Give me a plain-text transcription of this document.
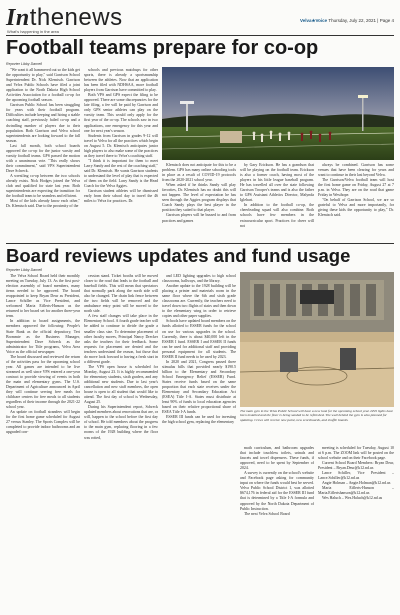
Inthenews
What's happening in the area
Velva★Voice Thursday, July 22, 2021 | Page 4
Football teams prepare for co-op
Reporter Libby Darnell

"We want it all hammered out so the kids get the opportunity to play," said Garrison School Superintendent Dr. Nick Klemisch. Garrison and Velva Public Schools have filed a joint application to the North Dakota High School Activities Association for a football co-op for the upcoming football season.

Garrison Public School has been struggling for years with their football program. Difficulties include keeping and hiring a stable coaching staff, previously failed co-op and a dwindling number of players due to their population. Both Garrison and Velva school superintendents are looking forward to the fall season.

Last fall month, both school boards approved the co-op for the junior varsity and varsity football teams. GPS passed the motion with a unanimous vote. "This really shows their commitment," said VPS Superintendent Dave Schreck.

A wrestling co-op between the two schools already exists. Nick Hodges joined the Velva club and qualified for state last year. Both superintendents are expecting the transition for the football team to be seamless and efficient.

Most of the kids already know each other," Dr. Klemisch said. Due to the proximity of the

schools and previous matchups for other sports, there is already a sportsmanship between the athletes. Now that an application has been filed with NDHSAA, more football players from Garrison have committed to play.

Both VPS and GPS expect the filing to be approved. There are some discrepancies for the late filing, a fee will be paid by Garrison and only GPS senior athletes can play on the varsity team. This would only apply for the first year of the co-op. The schools saw in two applications, one emergency for this year and one for next year's season.

Students from Garrison in grades 9-12 will travel to Velva for all the practices which begin on August 5. Dr. Klemisch anticipates junior high players to also make some of the practices as they travel there to Velva's coaching staff.

"I think it is important for them to meet Larry Sandy and the rest of the coaching staff," said Dr. Klemisch. He wants Garrison students to understand the level of play that is expected of them on the field. Larry Sandy is the Head Coach for the Velva Aggies.

Garrison student athletes will be dismissed early from their school day to travel the 46 miles to Velva for practices. Dr.

Klemisch does not anticipate for this to be a problem. GPS has many online schooling tools in place as a result of COVID-19 protocols from the 2020-2021 school year.

When asked if he thinks Sandy will play favorites, Dr. Klemisch has no doubt this will not happen. The level of expectation he has seen through the Aggies program displays that Coach Sandy plays the best player in the position they suited to that player.

Garrison players will be bussed to and from practices and games

by Gary Erickson. He has a grandson that will be playing on the football team. Erickson is also a former coach, having most of the players in his little league baseball program. He has travelled all over the state following Garrison Trooper's teams and is also the father to GPS Assistant Athletics Director, Malynda Iglehart.

In addition to the football co-op, the cheerleading squad will also combine. Both schools have few members in the extracurricular sport. Practices for cheer will not

always be combined. Garrison has some venues that have been clearing for years and want to continue in their last beyond Velva.

The Garrison/Velva football team will host the first home game on Friday, August 27 at 7 p.m. in Velva. They are on the road that game Friday in Westhope.

"On behalf of Garrison School, we are so grateful to Velva and more importantly, for giving these kids the opportunity to play," Dr. Klemisch said.

Board reviews updates and fund usage
Reporter Libby Darnell

The Velva School Board held their monthly meeting on Tuesday, July 13. As the first post-election assembly of board members, many items needed to be approved. The board reappointed to keep Bryan Deur as President, Lance Schiller as Vice President, and welcomed Maria Eiflerts-Hanson as the returned to her board set for another three-year term.

In addition to board assignments, the members approved the following: People's State Bank as the official depository, Teri Brommie as the Business Manager, Superintendent Dave Schreck as the administrator for Title programs, Velva Area Voice as the official newspaper.

The board discussed and reviewed the return of the activities pass for the upcoming school year. All games are intended to be live streamed as well since VPS entered a one-year contract to provide viewing of events in both the main and elementary gyms. The U.S. Department of Agriculture announced in April they will continue serving free meals for childcare centers for free meals to all students regardless of their income through the 2021-22 school year.

An update on football stranders will begin for the first home game scheduled for August 27 versus Stanley. The Sports Complex will be completed to provide indoor bathrooms and an upgraded con-

cession stand. Ticket booths will be moved closer to the road that leads to the football and baseball fields. This will mean that spectators that normally park along the north side will also be changed. The chain link fence between the two fields will be removed and the ambulance entry point will be moved to the north side.

A few staff changes will take place in the Elementary School. A fourth grade teacher will be added to continue to divide the grade a smaller class size. To determine placement of other faculty moves, Principal Nancy Drecker asks the teachers for their feedback. Some requests for placement are denied and the teachers understand the reason, but those that do move look forward to having a fresh start in a different grade.

The VPS open house is scheduled for Monday, August 23. It is highly recommended for elementary students, sixth graders, and any additional new students. Due to last year's cancellation and new staff members, the open house is open to all student that would like to attend. The first day of school is Wednesday, August 25.

During his Superintendent report, Schreck updated members about renovations that are, or will, happen to the school before the first day of school. He told members about the progress to the main gym, replacing flooring in a few rooms of the 1928 building where the floor was rotted,

and LED lighting upgrades to high school classrooms, hallways, and the library.

Another update to the 1928 building will be placing a printer and materials room in the same floor where the 6th and sixth grade classrooms are. Currently, the teachers need to travel down two flights of stairs and then down to the elementary wing in order to retrieve copies and other paper supplies.

Schools have updated board members on the funds allotted to ESSER funds for the school on use for various upgrades in the school. Currently, there is about $40,000 left in the ESSER I fund. ESSER I and ESSER II funds can be used for additional staff and providing personal equipment for all students. The ESSER II fund needs to be used by 2023.

In 2020 and 2021, Congress passed three stimulus bills that provided nearly $190.5 billion to the Elementary and Secondary School Emergency Relief (ESSER) Fund. States receive funds based on the same proportion that each state receives under the Elementary and Secondary Education Act (ESEA) Title I-A. States must distribute at least 90% of funds to local education agencies based on their relative proportional share of ESEA Title I-A funds.

ESSER III funds can be used for investing the high school gym, replacing the elementary

The main gym in the Velva Public School will have a new look for the upcoming school year. LED lights have been installed and the floor is being sanded to be refinished. The wall behind the gym is also planned for updating. Crews will receive new paint, new scoreboards, and shuffle boards.

math curriculum, and bathroom upgrades that include touchless toilets, urinals and faucets and towel dispensers. These funds, if approved, need to be spent by September of 2024.

A survey is currently on the school's website and Facebook page asking for community input on where the funds would best be served. Velva Public School District 1, was allotted $674,176 in federal aid for the ESSER III fund that is determined by a Title I-A formula and approved by the North Dakota Department of Public Instruction.

The next Velva School Board

meeting is scheduled for Tuesday, August 10 at 6 p.m. The ZOOM link will be posted on the school website and on their Facebook page.

Current School Board Members: Bryan Deur, President – Bryan.Deur@k12.nd.us

Lance Schiller, Vice President – Lance.Schiller@k12.nd.us

Angie Holman – Angie.Holman@k12.nd.us

Maria Eiflerts-Hanson – Maria.Eiflertshanson@k12.nd.us

Wes Haluch – Wes.Haluch@k12.nd.us
